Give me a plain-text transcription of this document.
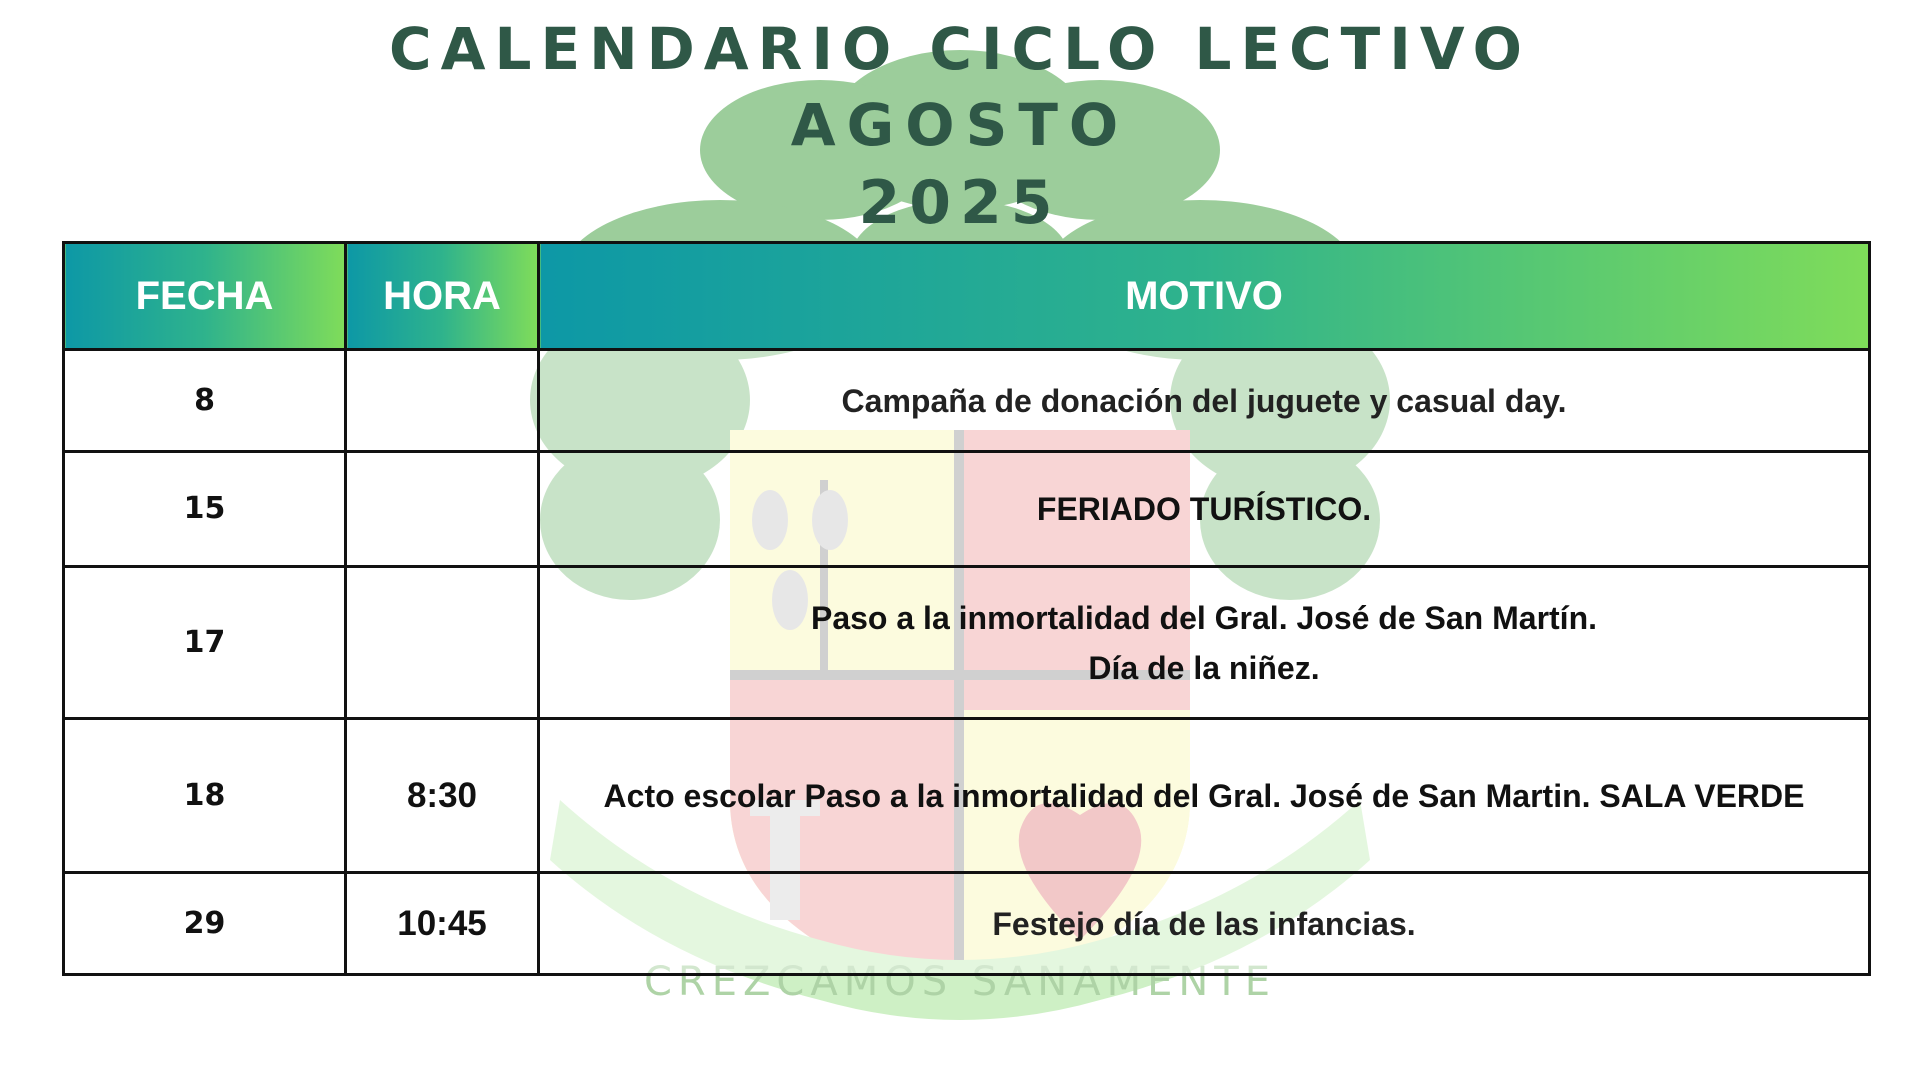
CREZCAMOS SANAMENTE
CALENDARIO CICLO LECTIVO
AGOSTO
2025
FECHA	HORA	MOTIVO
8		Campaña de donación del juguete y casual day.

15		FERIADO TURÍSTICO.

17		Paso a la inmortalidad del Gral. José de San Martín.
Día de la niñez.

18	8:30	Acto escolar Paso a la inmortalidad del Gral. José de San Martin. SALA VERDE

29	10:45	Festejo día de las infancias.
